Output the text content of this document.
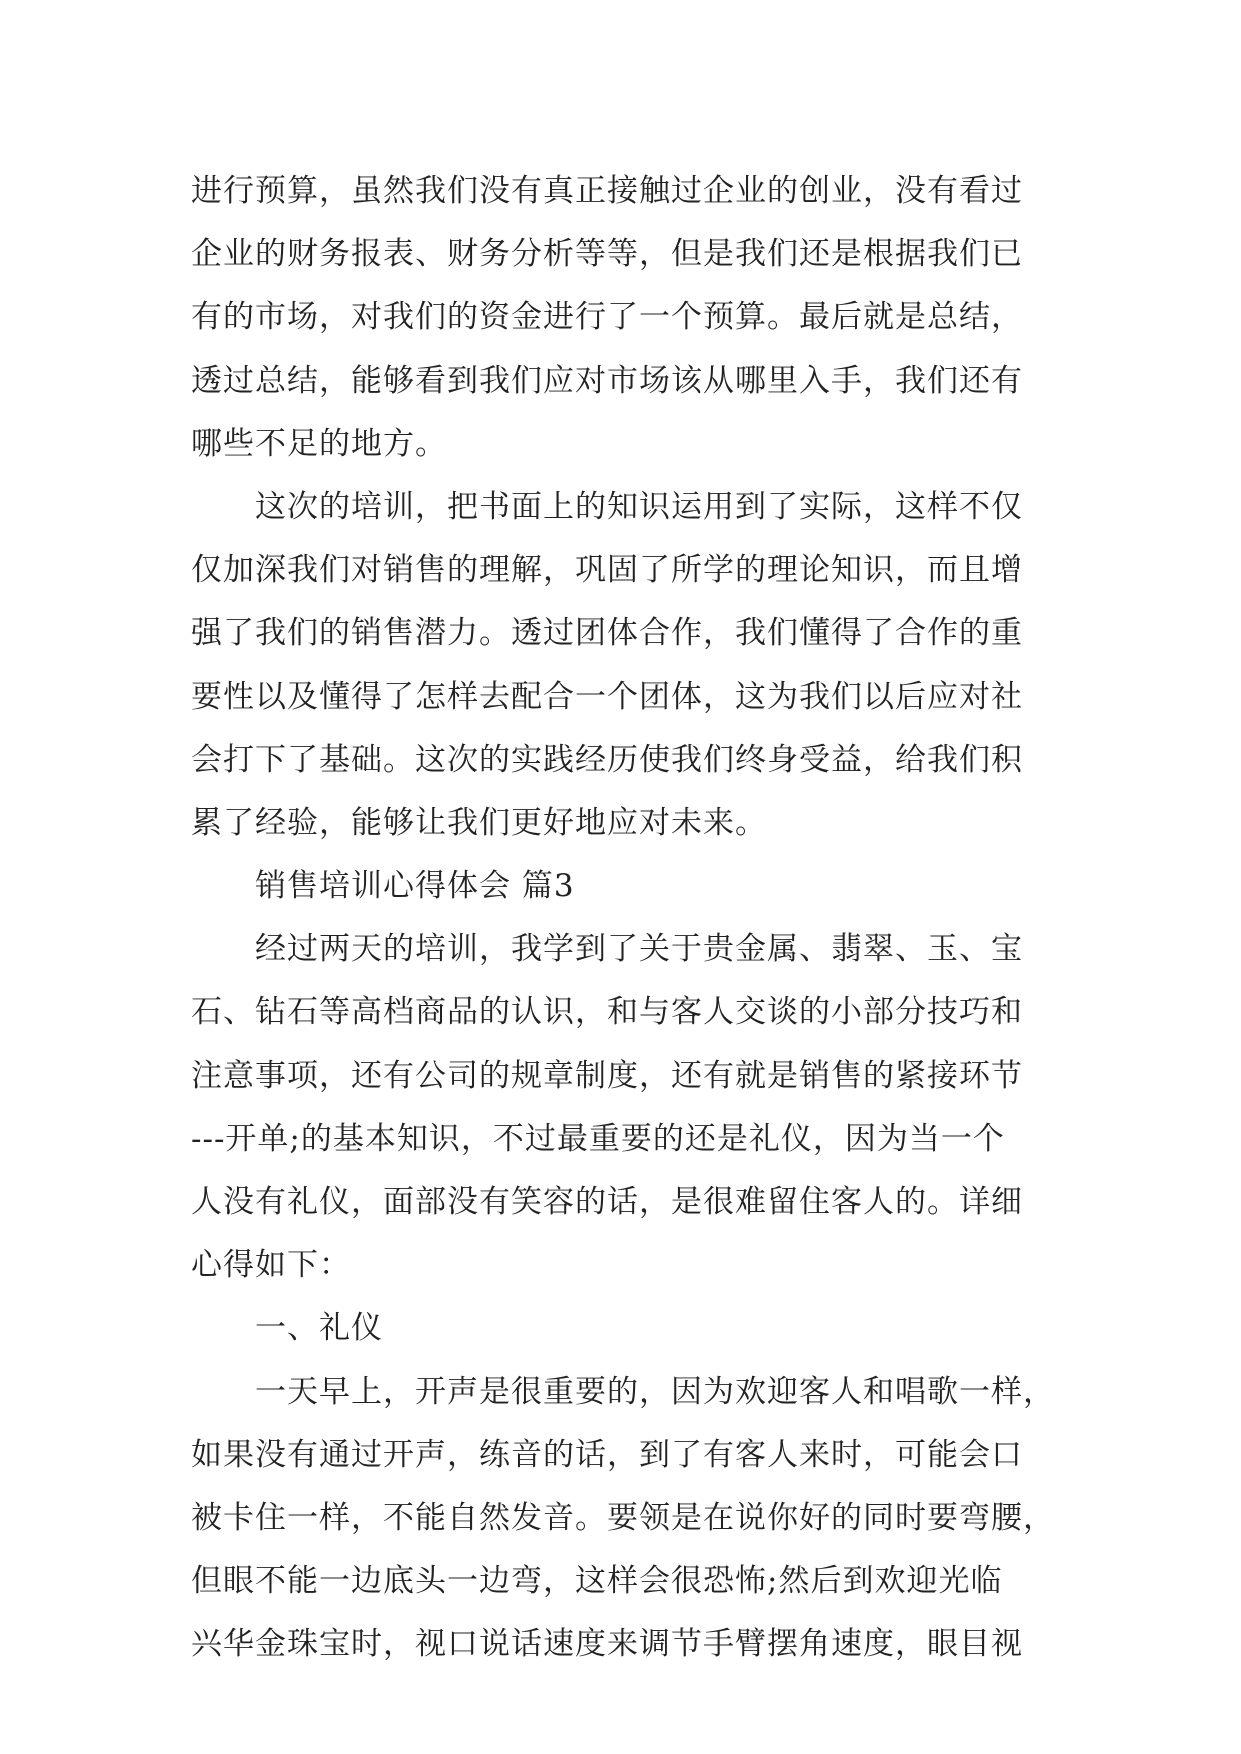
进行预算，虽然我们没有真正接触过企业的创业，没有看过
企业的财务报表、财务分析等等，但是我们还是根据我们已
有的市场，对我们的资金进行了一个预算。最后就是总结，
透过总结，能够看到我们应对市场该从哪里入手，我们还有
哪些不足的地方。
这次的培训，把书面上的知识运用到了实际，这样不仅
仅加深我们对销售的理解，巩固了所学的理论知识，而且增
强了我们的销售潜力。透过团体合作，我们懂得了合作的重
要性以及懂得了怎样去配合一个团体，这为我们以后应对社
会打下了基础。这次的实践经历使我们终身受益，给我们积
累了经验，能够让我们更好地应对未来。
销售培训心得体会 篇3
经过两天的培训，我学到了关于贵金属、翡翠、玉、宝
石、钻石等高档商品的认识，和与客人交谈的小部分技巧和
注意事项，还有公司的规章制度，还有就是销售的紧接环节
---开单;的基本知识，不过最重要的还是礼仪，因为当一个
人没有礼仪，面部没有笑容的话，是很难留住客人的。详细
心得如下：
一、礼仪
一天早上，开声是很重要的，因为欢迎客人和唱歌一样，
如果没有通过开声，练音的话，到了有客人来时，可能会口
被卡住一样，不能自然发音。要领是在说你好的同时要弯腰，
但眼不能一边底头一边弯，这样会很恐怖;然后到欢迎光临
兴华金珠宝时，视口说话速度来调节手臂摆角速度，眼目视
